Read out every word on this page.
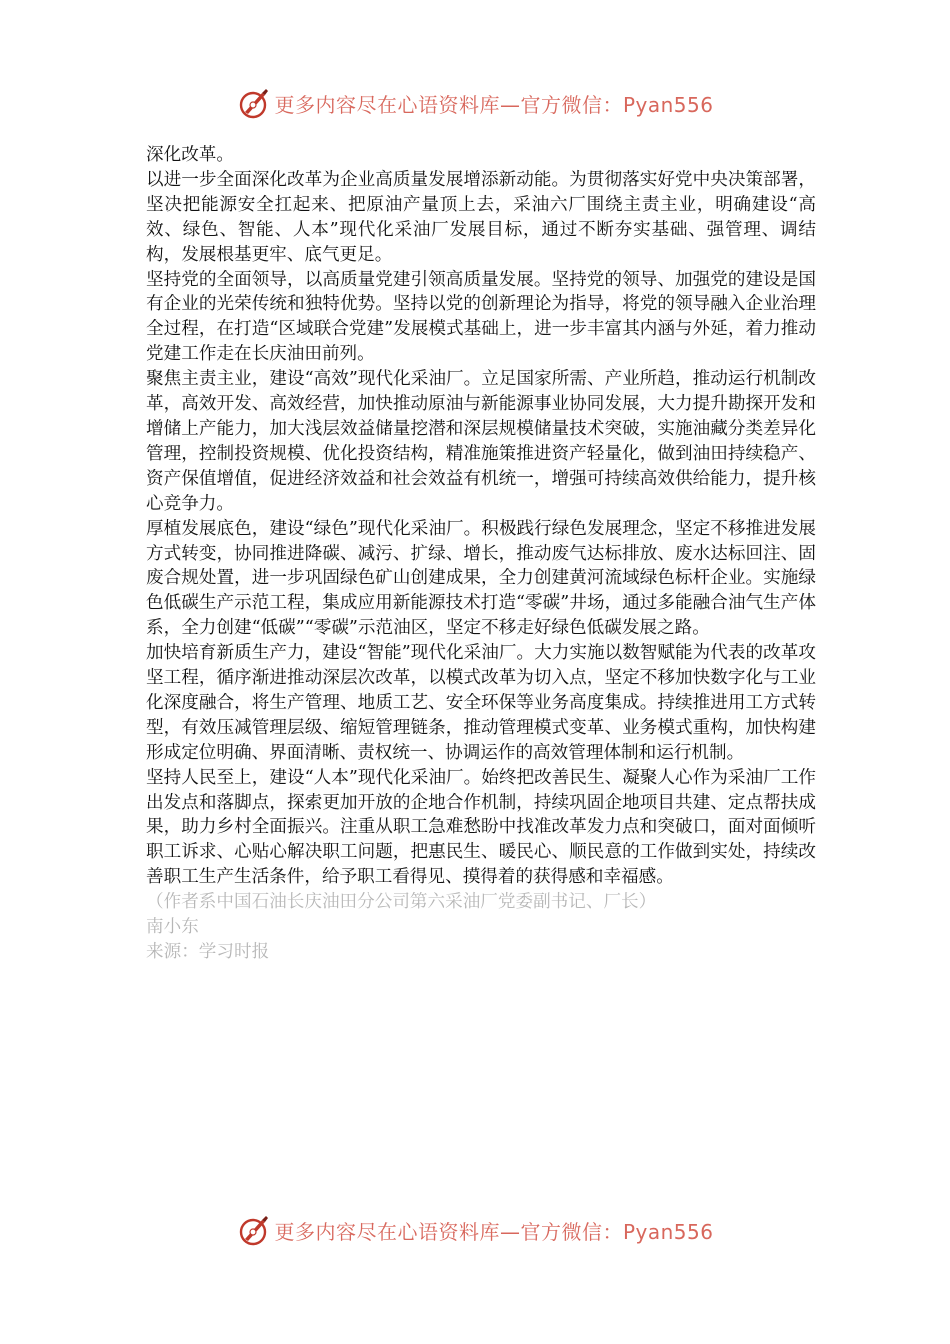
更多内容尽在心语资料库—官方微信：Pyan556

深化改革。

以进一步全面深化改革为企业高质量发展增添新动能。为贯彻落实好党中央决策部署，坚决把能源安全扛起来、把原油产量顶上去，采油六厂围绕主责主业，明确建设“高效、绿色、智能、人本”现代化采油厂发展目标，通过不断夯实基础、强管理、调结构，发展根基更牢、底气更足。

坚持党的全面领导，以高质量党建引领高质量发展。坚持党的领导、加强党的建设是国有企业的光荣传统和独特优势。坚持以党的创新理论为指导，将党的领导融入企业治理全过程，在打造“区域联合党建”发展模式基础上，进一步丰富其内涵与外延，着力推动党建工作走在长庆油田前列。

聚焦主责主业，建设“高效”现代化采油厂。立足国家所需、产业所趋，推动运行机制改革，高效开发、高效经营，加快推动原油与新能源事业协同发展，大力提升勘探开发和增储上产能力，加大浅层效益储量挖潜和深层规模储量技术突破，实施油藏分类差异化管理，控制投资规模、优化投资结构，精准施策推进资产轻量化，做到油田持续稳产、资产保值增值，促进经济效益和社会效益有机统一，增强可持续高效供给能力，提升核心竞争力。

厚植发展底色，建设“绿色”现代化采油厂。积极践行绿色发展理念，坚定不移推进发展方式转变，协同推进降碳、减污、扩绿、增长，推动废气达标排放、废水达标回注、固废合规处置，进一步巩固绿色矿山创建成果，全力创建黄河流域绿色标杆企业。实施绿色低碳生产示范工程，集成应用新能源技术打造“零碳”井场，通过多能融合油气生产体系，全力创建“低碳”“零碳”示范油区，坚定不移走好绿色低碳发展之路。

加快培育新质生产力，建设“智能”现代化采油厂。大力实施以数智赋能为代表的改革攻坚工程，循序渐进推动深层次改革，以模式改革为切入点，坚定不移加快数字化与工业化深度融合，将生产管理、地质工艺、安全环保等业务高度集成。持续推进用工方式转型，有效压减管理层级、缩短管理链条，推动管理模式变革、业务模式重构，加快构建形成定位明确、界面清晰、责权统一、协调运作的高效管理体制和运行机制。

坚持人民至上，建设“人本”现代化采油厂。始终把改善民生、凝聚人心作为采油厂工作出发点和落脚点，探索更加开放的企地合作机制，持续巩固企地项目共建、定点帮扶成果，助力乡村全面振兴。注重从职工急难愁盼中找准改革发力点和突破口，面对面倾听职工诉求、心贴心解决职工问题，把惠民生、暖民心、顺民意的工作做到实处，持续改善职工生产生活条件，给予职工看得见、摸得着的获得感和幸福感。

（作者系中国石油长庆油田分公司第六采油厂党委副书记、厂长）

南小东

来源：学习时报

更多内容尽在心语资料库—官方微信：Pyan556
